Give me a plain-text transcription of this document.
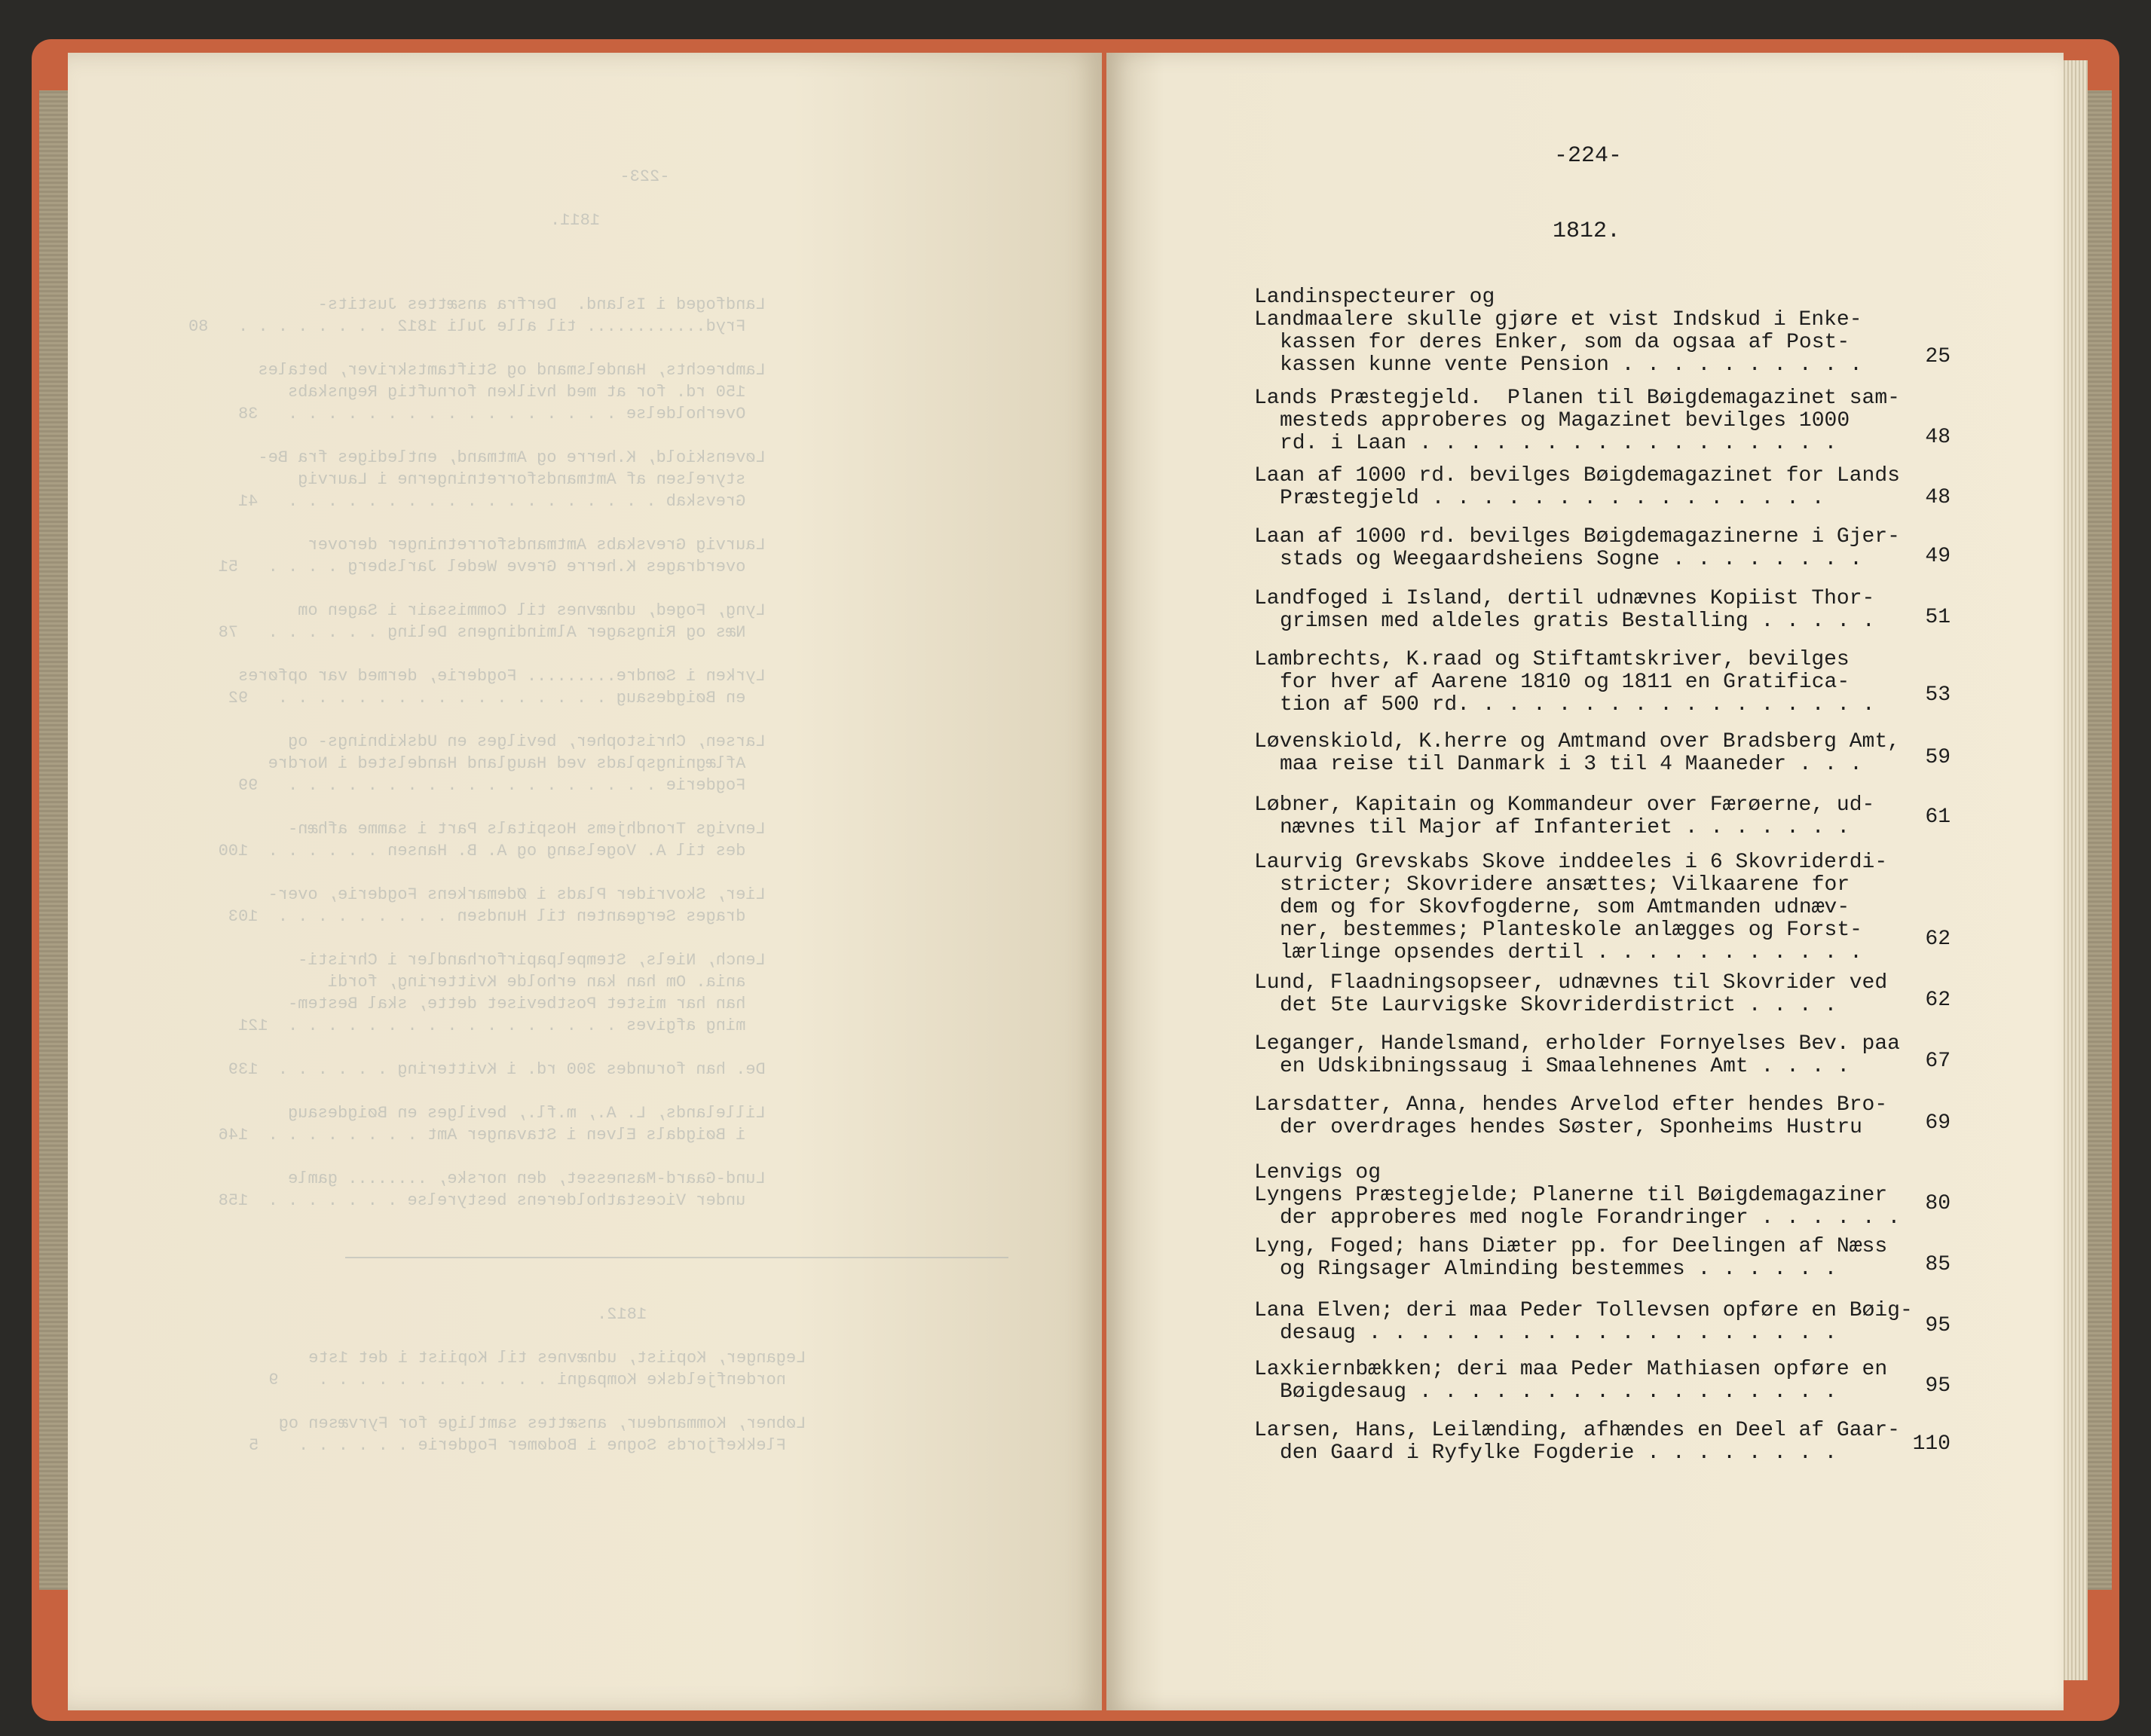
-223-

1811.
Landfoged i Island.  Derfra ansættes Justits-
Fryd............ til alle Juli 1812 . . . . . . . .   80

Lambrechts, Handelsmand og Stiftamtskriver, betales
150 rd. for at med hvilken fornuftig Regnskabs
Overholdelse . . . . . . . . . . . . . . . . .   38

Løvenskiold, K.herre og Amtmand, entlediges fra Be-
styrelsen af Amtmandsforretningerne i Laurvig
Grevskab . . . . . . . . . . . . . . . . . . .   41

Laurvig Grevskabs Amtmandsforretninger derover
overdrages K.herre Greve Wedel Jarlsberg . . . .   51

Lyng, Foged, udnævnes til Commissair i Sagen om
Næs og Ringsager Almindingens Deling . . . . . .   78

Lyrken i Søndre......... Fogderie, dermed var opføres
en Bøigdesaug . . . . . . . . . . . . . . . . .   92

Larsen, Christopher, bevilges en Udskibnings- og
Aflægningsplads ved Haugland Handelsted i Nordre
Fogderie . . . . . . . . . . . . . . . . . . .   99

Lenvigs Trondhjems Hospitals Part i samme afhæn-
des til A. Vogelsang og A. B. Hansen . . . . . .  100

Lier, Skovrider Plads i Ødemarkens Fogderie, over-
drages Sergeanten til Hundsen . . . . . . . . .  103

Lench, Niels, Stempelpapirforhandler i Christi-
ania. Om han kan erholde Kvittering, fordi
han har mistet Postbeviset dette, skal Bestem-
ming afgives . . . . . . . . . . . . . . . . .  121

De. han forundes 300 rd. i Kvittering . . . . . .  139

Lillelands, L. A., m.fl., bevilges en Bøigdesaug
i Bøigdals Elven i Stavanger Amt . . . . . . . .  146

Lund-Gaard-Masnesset, den norske, ........ gamle
under Vicestatholderens bestyrelse . . . . . . .  158
1812.

Leganger, Kopiist, udnævnes til Kopiist i det 1ste
nordenfjeldske Kompagni . . . . . . . . . . . .    9

Løbner, Kommandeur, ansættes samtlige for Fyrvæsen og
Flekkefjords Sogne i Bodømer Fogderie . . . . . .    5
-224-
1812.
Landinspecteurer og
Landmaalere skulle gjøre et vist Indskud i Enke-
kassen for deres Enker, som da ogsaa af Post-
kassen kunne vente Pension . . . . . . . . . .	25
Lands Præstegjeld.  Planen til Bøigdemagazinet sam-
mesteds approberes og Magazinet bevilges 1000
rd. i Laan . . . . . . . . . . . . . . . . .	48
Laan af 1000 rd. bevilges Bøigdemagazinet for Lands
Præstegjeld . . . . . . . . . . . . . . . .	48
Laan af 1000 rd. bevilges Bøigdemagazinerne i Gjer-
stads og Weegaardsheiens Sogne . . . . . . . .	49
Landfoged i Island, dertil udnævnes Kopiist Thor-
grimsen med aldeles gratis Bestalling . . . . .	51
Lambrechts, K.raad og Stiftamtskriver, bevilges
for hver af Aarene 1810 og 1811 en Gratifica-
tion af 500 rd. . . . . . . . . . . . . . . . .	53
Løvenskiold, K.herre og Amtmand over Bradsberg Amt,
maa reise til Danmark i 3 til 4 Maaneder . . .	59
Løbner, Kapitain og Kommandeur over Færøerne, ud-
nævnes til Major af Infanteriet . . . . . . .	61
Laurvig Grevskabs Skove inddeeles i 6 Skovriderdi-
stricter; Skovridere ansættes; Vilkaarene for
dem og for Skovfogderne, som Amtmanden udnæv-
ner, bestemmes; Planteskole anlægges og Forst-
lærlinge opsendes dertil . . . . . . . . . . .
62
Lund, Flaadningsopseer, udnævnes til Skovrider ved
det 5te Laurvigske Skovriderdistrict . . . .	62
Leganger, Handelsmand, erholder Fornyelses Bev. paa
en Udskibningssaug i Smaalehnenes Amt . . . .	67
Larsdatter, Anna, hendes Arvelod efter hendes Bro-
der overdrages hendes Søster, Sponheims Hustru	69
Lenvigs og
Lyngens Præstegjelde; Planerne til Bøigdemagaziner
der approberes med nogle Forandringer . . . . . .
80
Lyng, Foged; hans Diæter pp. for Deelingen af Næss
og Ringsager Alminding bestemmes . . . . . .	85
Lana Elven; deri maa Peder Tollevsen opføre en Bøig-
desaug . . . . . . . . . . . . . . . . . . .	95
Laxkiernbækken; deri maa Peder Mathiasen opføre en
Bøigdesaug . . . . . . . . . . . . . . . . .	95
Larsen, Hans, Leilænding, afhændes en Deel af Gaar-
den Gaard i Ryfylke Fogderie . . . . . . . .	110
